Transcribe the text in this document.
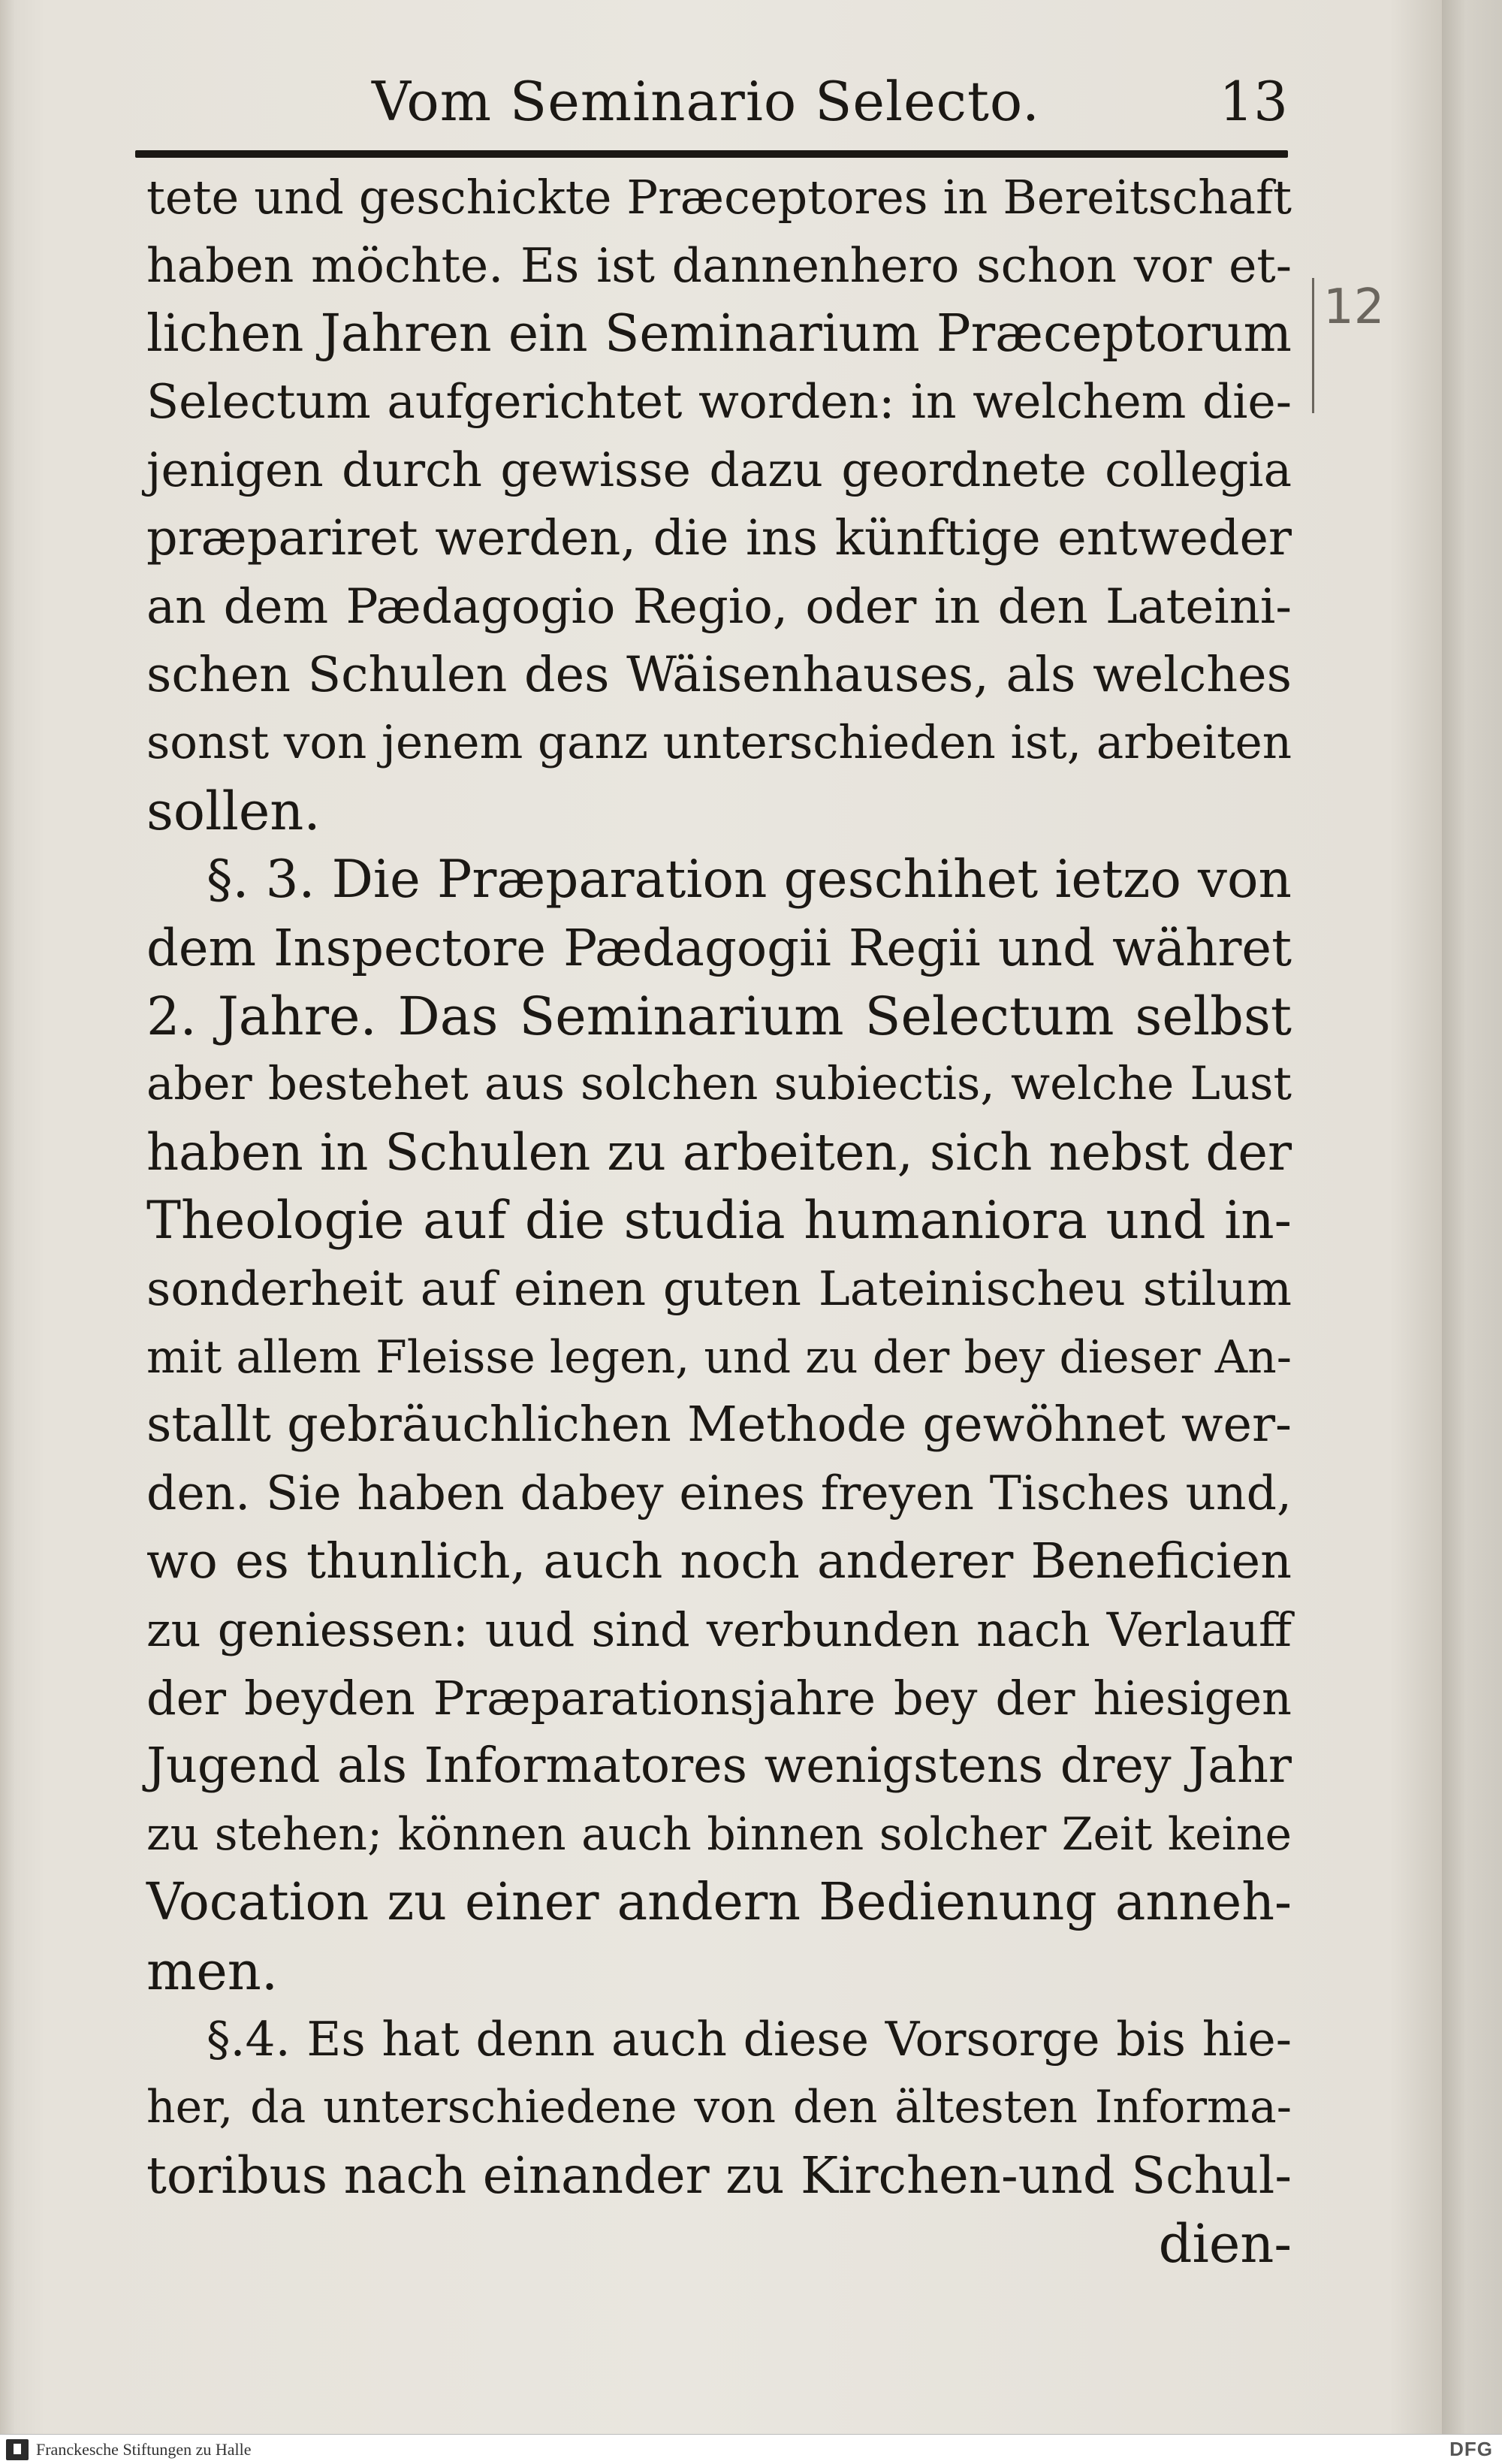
Vom Seminario Selecto.	13
12
tete und geschickte Præceptores in Bereitschaft
haben möchte. Es ist dannenhero schon vor et-
lichen Jahren ein Seminarium Præceptorum
Selectum aufgerichtet worden: in welchem die-
jenigen durch gewisse dazu geordnete collegia
præpariret werden, die ins künftige entweder
an dem Pædagogio Regio, oder in den Lateini-
schen Schulen des Wäisenhauses, als welches
sonst von jenem ganz unterschieden ist, arbeiten
sollen.
§. 3. Die Præparation geschihet ietzo von
dem Inspectore Pædagogii Regii und währet
2. Jahre. Das Seminarium Selectum selbst
aber bestehet aus solchen subiectis, welche Lust
haben in Schulen zu arbeiten, sich nebst der
Theologie auf die studia humaniora und in-
sonderheit auf einen guten Lateinischeu stilum
mit allem Fleisse legen, und zu der bey dieser An-
stallt gebräuchlichen Methode gewöhnet wer-
den. Sie haben dabey eines freyen Tisches und,
wo es thunlich, auch noch anderer Beneficien
zu geniessen: uud sind verbunden nach Verlauff
der beyden Præparationsjahre bey der hiesigen
Jugend als Informatores wenigstens drey Jahr
zu stehen; können auch binnen solcher Zeit keine
Vocation zu einer andern Bedienung anneh-
men.
§.4. Es hat denn auch diese Vorsorge bis hie-
her, da unterschiedene von den ältesten Informa-
toribus nach einander zu Kirchen-und Schul-
dien-
Franckesche Stiftungen zu Halle	DFG
